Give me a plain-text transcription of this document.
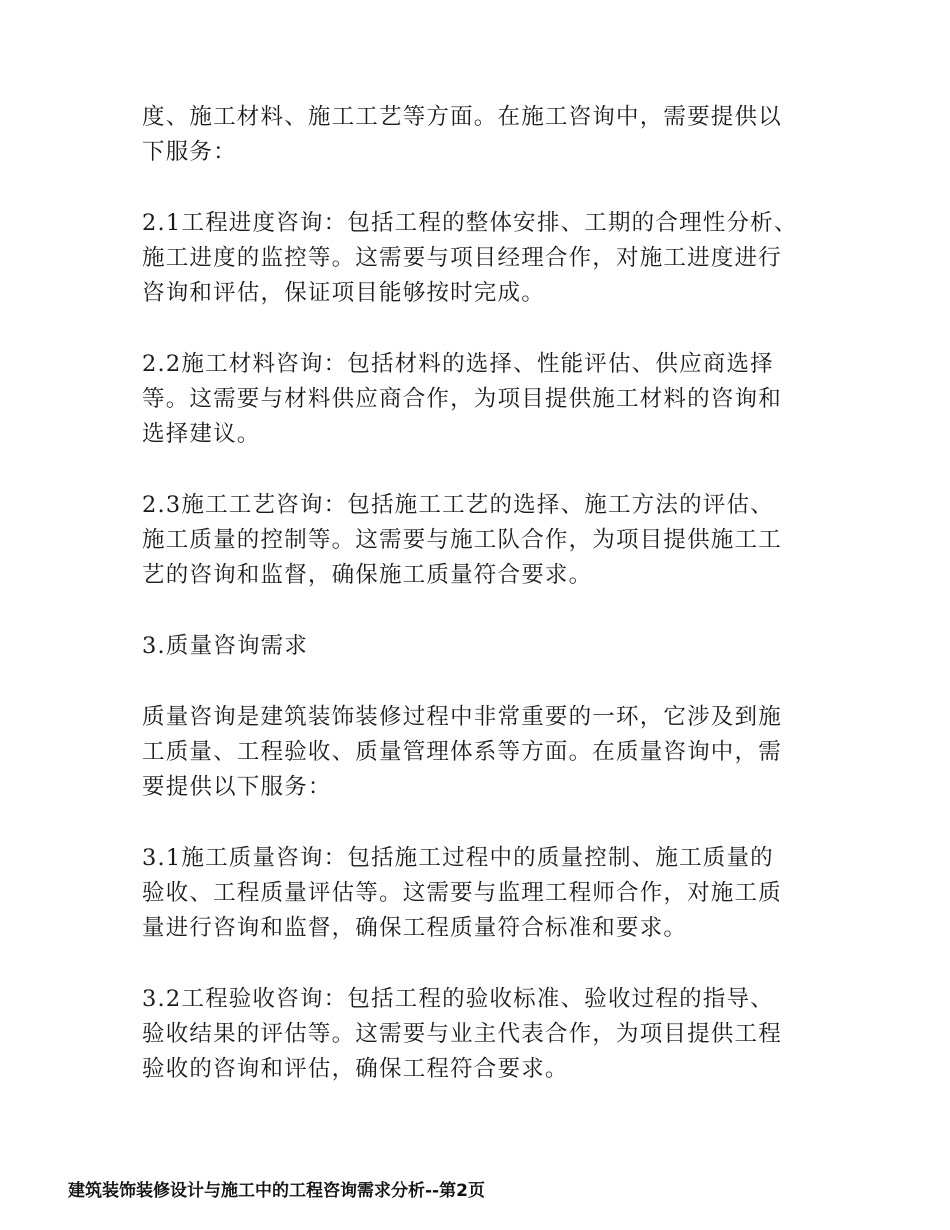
度、施工材料、施工工艺等方面。在施工咨询中，需要提供以
下服务：

2.1工程进度咨询：包括工程的整体安排、工期的合理性分析、
施工进度的监控等。这需要与项目经理合作，对施工进度进行
咨询和评估，保证项目能够按时完成。

2.2施工材料咨询：包括材料的选择、性能评估、供应商选择
等。这需要与材料供应商合作，为项目提供施工材料的咨询和
选择建议。

2.3施工工艺咨询：包括施工工艺的选择、施工方法的评估、
施工质量的控制等。这需要与施工队合作，为项目提供施工工
艺的咨询和监督，确保施工质量符合要求。

3.质量咨询需求

质量咨询是建筑装饰装修过程中非常重要的一环，它涉及到施
工质量、工程验收、质量管理体系等方面。在质量咨询中，需
要提供以下服务：

3.1施工质量咨询：包括施工过程中的质量控制、施工质量的
验收、工程质量评估等。这需要与监理工程师合作，对施工质
量进行咨询和监督，确保工程质量符合标准和要求。

3.2工程验收咨询：包括工程的验收标准、验收过程的指导、
验收结果的评估等。这需要与业主代表合作，为项目提供工程
验收的咨询和评估，确保工程符合要求。

建筑装饰装修设计与施工中的工程咨询需求分析--第2页
